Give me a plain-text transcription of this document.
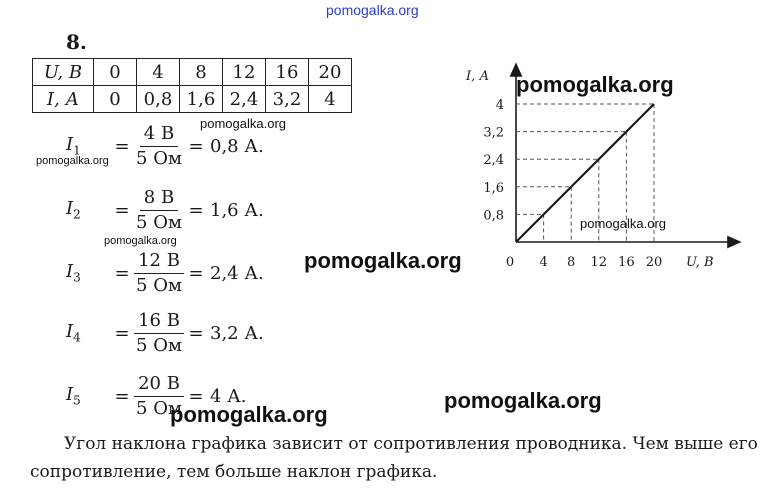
pomogalka.org
8.
U, В	0	4	8	12	16	20
I, А	0	0,8	1,6	2,4	3,2	4
$I_1$	= $\frac{4 В}{5 Ом} = 0,8$ А.
$I_2$	= $\frac{8 В}{5 Ом} = 1,6$ А.
$I_3$	= $\frac{12 В}{5 Ом} = 2,4$ А.
$I_4$	= $\frac{16 В}{5 Ом} = 3,2$ А.
$I_5$	= $\frac{20 В}{5 Ом} = 4$ А.
0 4 8 12 16 20
0,8
1,6
2,4
3,2
4
I, А
U, В
Угол наклона графика зависит от сопротивления проводника. Чем выше его сопротивление, тем больше наклон графика.
pomogalka.org
pomogalka.org
pomogalka.org
pomogalka.org
pomogalka.org
pomogalka.org
pomogalka.org
pomogalka.org
